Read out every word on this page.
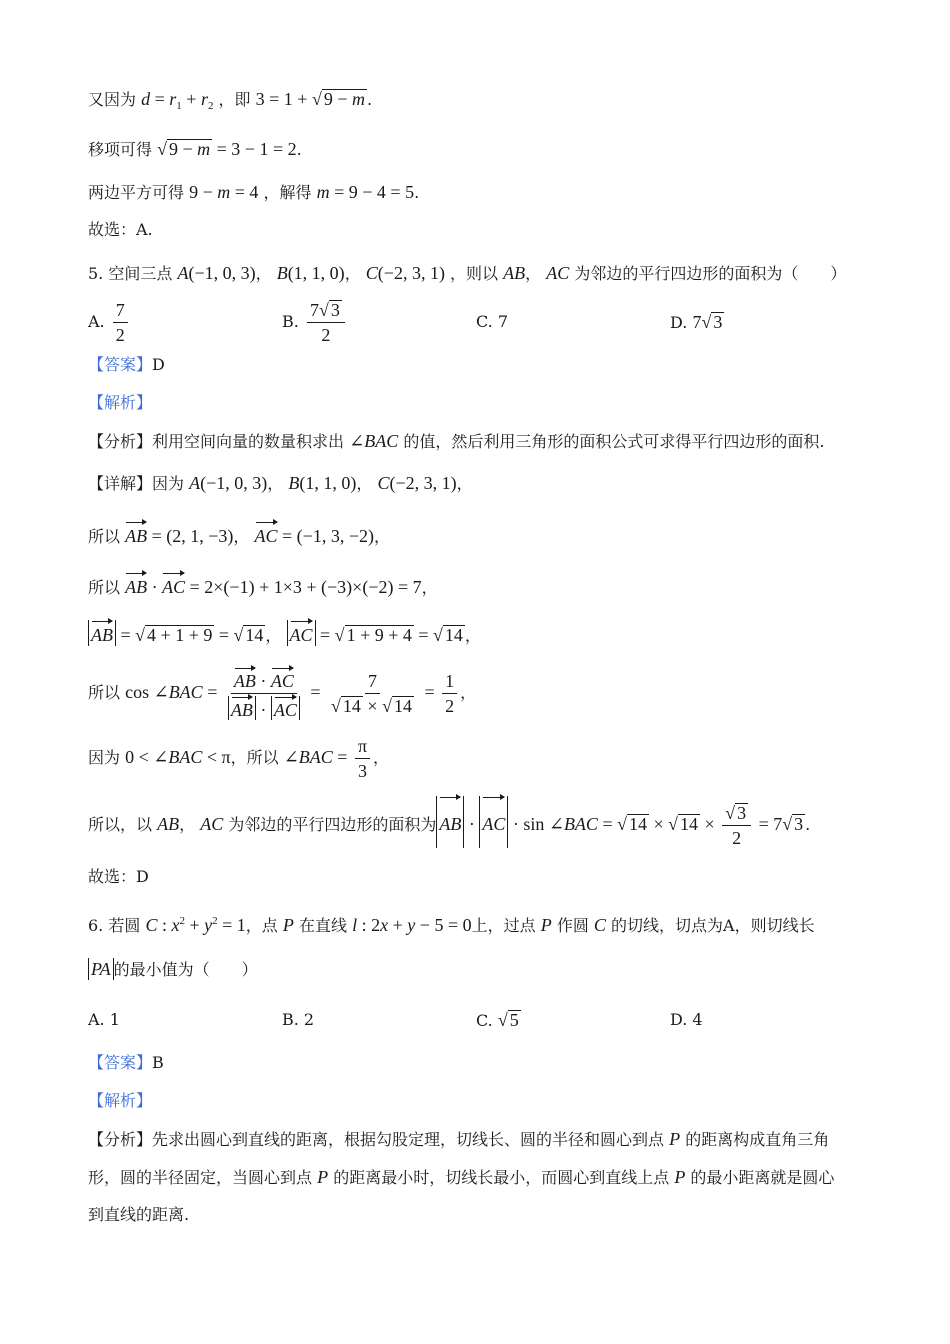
又因为 $d = r_1 + r_2$ ，即 3 = 1 + √ 9 − m .
移项可得 √ 9 − m = 3 − 1 = 2.
两边平方可得 9 − m = 4 ，解得 m = 9 − 4 = 5.
故选：A.
5. 空间三点 A(−1, 0, 3)， B(1, 1, 0)， C(−2, 3, 1) ，则以 AB， AC 为邻边的平行四边形的面积为（　　）
A. $\frac{7}{2}$	B. $\frac{7√ 3}{2}$	C. 7	D. 7√ 3
【答案】D
【解析】
【分析】利用空间向量的数量积求出 ∠BAC 的值，然后利用三角形的面积公式可求得平行四边形的面积.
【详解】因为 A(−1, 0, 3)， B(1, 1, 0)， C(−2, 3, 1)，
所以 AB = (2, 1, −3)， AC = (−1, 3, −2)，
所以 AB · AC = 2×(−1) + 1×3 + (−3)×(−2) = 7，
AB = √ 4 + 1 + 9 = √ 14 ， AC = √ 1 + 9 + 4 = √ 14 ，
所以 cos ∠BAC = $\frac{AB \cdot AC}{AB \cdot AC} = \frac{7}{√ 14 \times √ 14} = \frac{1}{2}$ ，
因为 0 < ∠BAC < π，所以 ∠BAC = $\frac{\pi}{3}$ ，
所以，以 AB， AC 为邻边的平行四边形的面积为 AB · AC · sin ∠BAC = √ 14 × √ $14 \times \frac{√ 3}{2} = 7√$ 3 .
故选：D
6. 若圆 C : $x^2 + y^2 = 1$，点 P 在直线 l : 2x + y − 5 = 0上，过点 P 作圆 C 的切线，切点为A，则切线长
PA 的最小值为（　　）
A. 1	B. 2	C. √ 5	D. 4
【答案】B
【解析】
【分析】先求出圆心到直线的距离，根据勾股定理，切线长、圆的半径和圆心到点 P 的距离构成直角三角
形，圆的半径固定，当圆心到点 P 的距离最小时，切线长最小，而圆心到直线上点 P 的最小距离就是圆心
到直线的距离.
